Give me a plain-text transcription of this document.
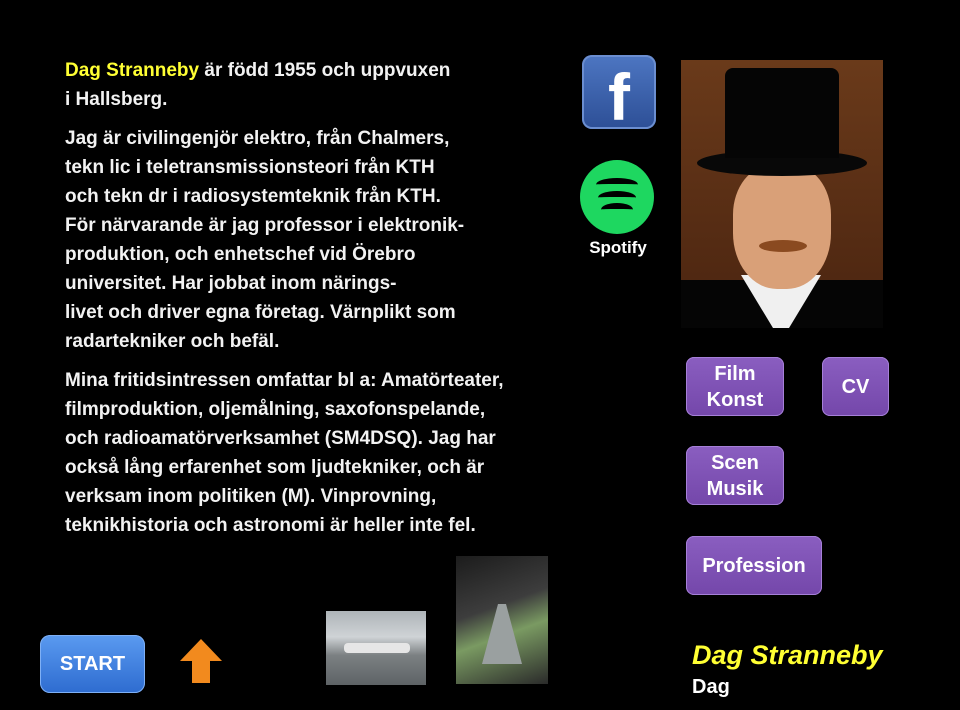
Dag Stranneby är född 1955 och uppvuxen
i Hallsberg.

Jag är civilingenjör elektro, från Chalmers,
tekn lic i teletransmissionsteori från KTH
och tekn dr i radiosystemteknik från KTH.
För närvarande är jag professor i elektronik-
produktion, och enhetschef vid Örebro
universitet. Har jobbat inom närings-
livet och driver egna företag. Värnplikt som
radartekniker och befäl.

Mina fritidsintressen omfattar bl a: Amatörteater,
filmproduktion, oljemålning, saxofonspelande,
och radioamatörverksamhet (SM4DSQ). Jag har
också lång erfarenhet som ljudtekniker, och är
verksam inom politiken (M). Vinprovning,
teknikhistoria och astronomi är heller inte fel.

f
Spotify
Film
Konst
CV
Scen
Musik
Profession
START	Dag Stranneby
Dag
